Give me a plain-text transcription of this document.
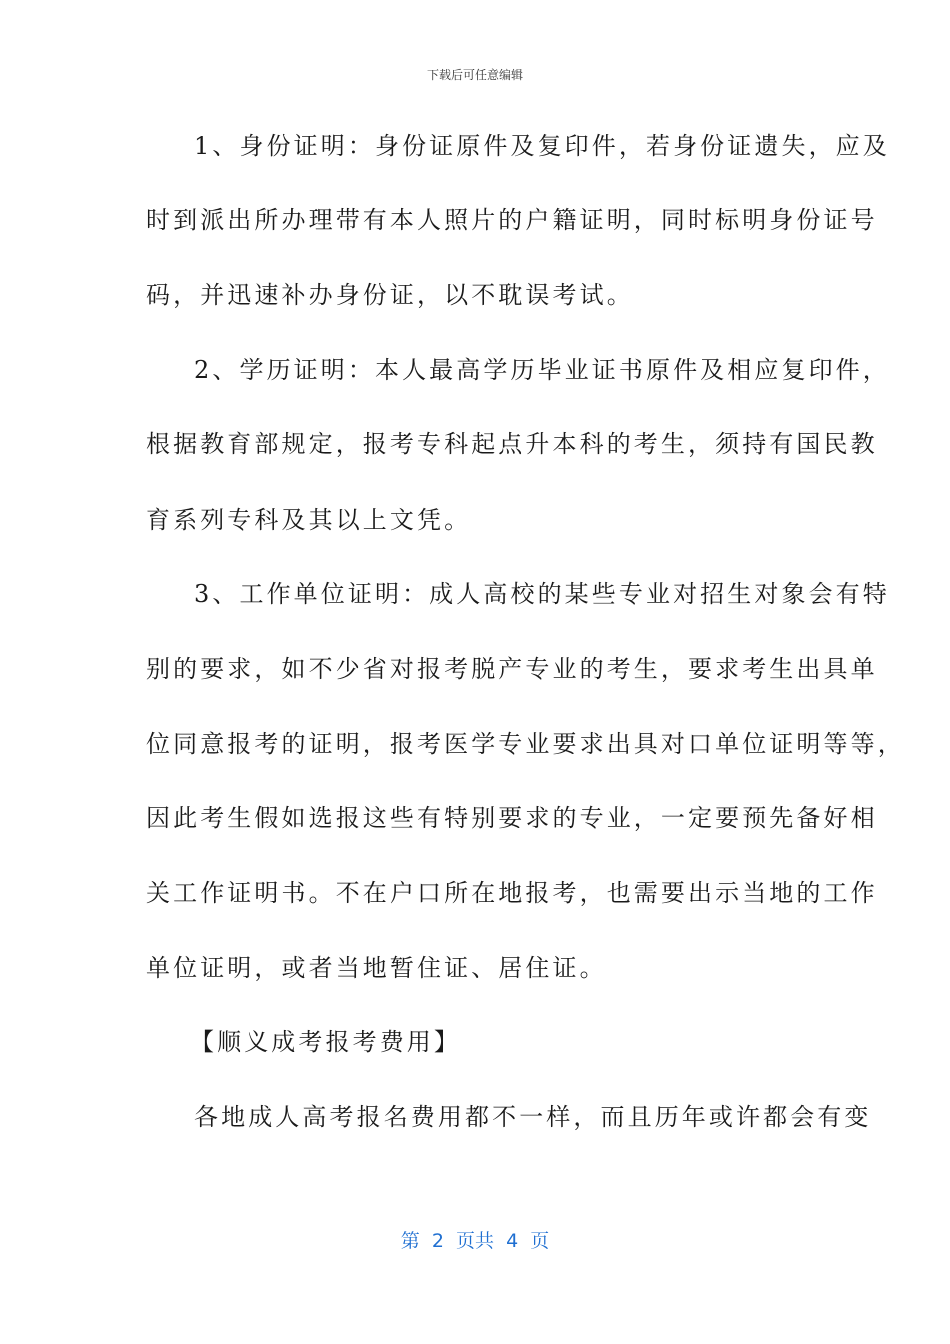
下载后可任意编辑
1、身份证明：身份证原件及复印件，若身份证遗失，应及
时到派出所办理带有本人照片的户籍证明，同时标明身份证号
码，并迅速补办身份证，以不耽误考试。
2、学历证明：本人最高学历毕业证书原件及相应复印件，
根据教育部规定，报考专科起点升本科的考生，须持有国民教
育系列专科及其以上文凭。
3、工作单位证明：成人高校的某些专业对招生对象会有特
别的要求，如不少省对报考脱产专业的考生，要求考生出具单
位同意报考的证明，报考医学专业要求出具对口单位证明等等，
因此考生假如选报这些有特别要求的专业，一定要预先备好相
关工作证明书。不在户口所在地报考，也需要出示当地的工作
单位证明，或者当地暂住证、居住证。
【顺义成考报考费用】
各地成人高考报名费用都不一样，而且历年或许都会有变
第  2  页共  4  页
